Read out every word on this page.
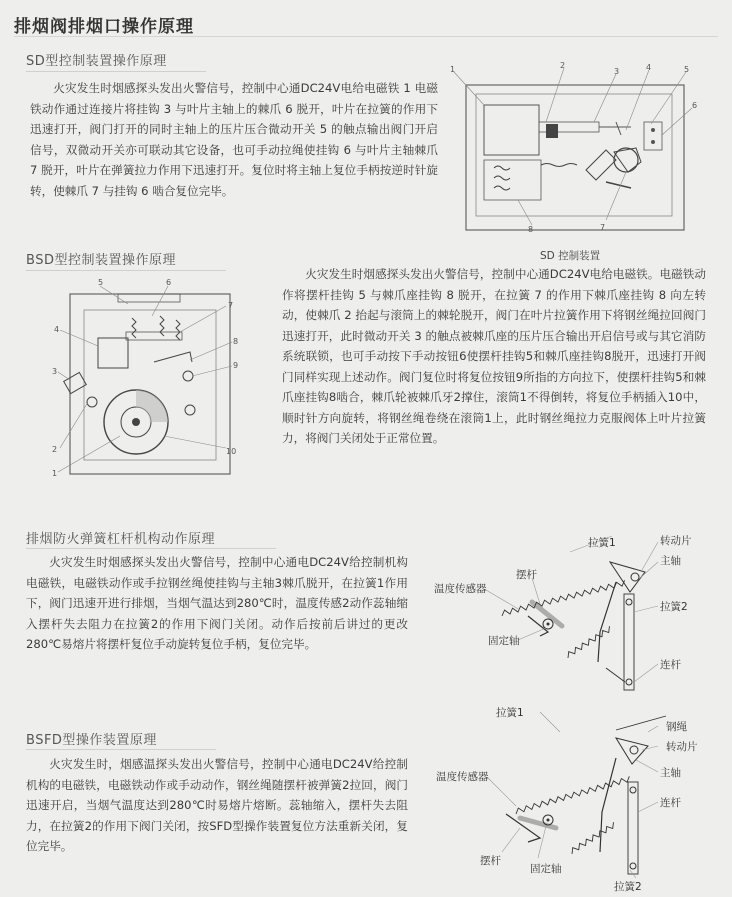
排烟阀排烟口操作原理
SD型控制装置操作原理

火灾发生时烟感探头发出火警信号，控制中心通DC24V电给电磁铁 1 电磁铁动作通过连接片将挂钩 3 与叶片主轴上的棘爪 6 脱开，叶片在拉簧的作用下迅速打开，阀门打开的同时主轴上的压片压合微动开关 5 的触点输出阀门开启信号，双微动开关亦可联动其它设备，也可手动拉绳使挂钩 6 与叶片主轴棘爪 7 脱开，叶片在弹簧拉力作用下迅速打开。复位时将主轴上复位手柄按逆时针旋转，使棘爪 7 与挂钩 6 啮合复位完毕。

1	2
3	4	5
6
7
8
SD 控制装置
BSD型控制装置操作原理
5	6
7
4
8
3
9
2
1
10

火灾发生时烟感探头发出火警信号，控制中心通DC24V电给电磁铁。电磁铁动作将摆杆挂钩 5 与棘爪座挂钩 8 脱开，在拉簧 7 的作用下棘爪座挂钩 8 向左转动，使棘爪 2 抬起与滚筒上的棘轮脱开，阀门在叶片拉簧作用下将钢丝绳拉回阀门迅速打开，此时微动开关 3 的触点被棘爪座的压片压合输出开启信号或与其它消防系统联锁，也可手动按下手动按钮6使摆杆挂钩5和棘爪座挂钩8脱开，迅速打开阀门同样实现上述动作。阀门复位时将复位按钮9所指的方向拉下，使摆杆挂钩5和棘爪座挂钩8啮合，棘爪轮被棘爪牙2撑住，滚筒1不得倒转，将复位手柄插入10中，顺时针方向旋转，将钢丝绳卷绕在滚筒1上，此时钢丝绳拉力克服阀体上叶片拉簧力，将阀门关闭处于正常位置。

排烟防火弹簧杠杆机构动作原理

火灾发生时烟感探头发出火警信号，控制中心通电DC24V给控制机构电磁铁，电磁铁动作或手拉钢丝绳使挂钩与主轴3棘爪脱开，在拉簧1作用下，阀门迅速开进行排烟，当烟气温达到280℃时，温度传感2动作蕊轴缩入摆杆失去阻力在拉簧2的作用下阀门关闭。动作后按前后讲过的更改280℃易熔片将摆杆复位手动旋转复位手柄，复位完毕。

拉簧1	转动片
主轴
摆杆
温度传感器
拉簧2
固定轴
连杆
BSFD型操作装置原理

火灾发生时，烟感温探头发出火警信号，控制中心通电DC24V给控制机构的电磁铁，电磁铁动作或手动动作，钢丝绳随摆杆被弹簧2拉回，阀门迅速开启，当烟气温度达到280℃时易熔片熔断。蕊轴缩入，摆杆失去阻力，在拉簧2的作用下阀门关闭，按SFD型操作装置复位方法重新关闭，复位完毕。

拉簧1
钢绳
转动片
主轴
温度传感器
连杆
摆杆
固定轴
拉簧2
